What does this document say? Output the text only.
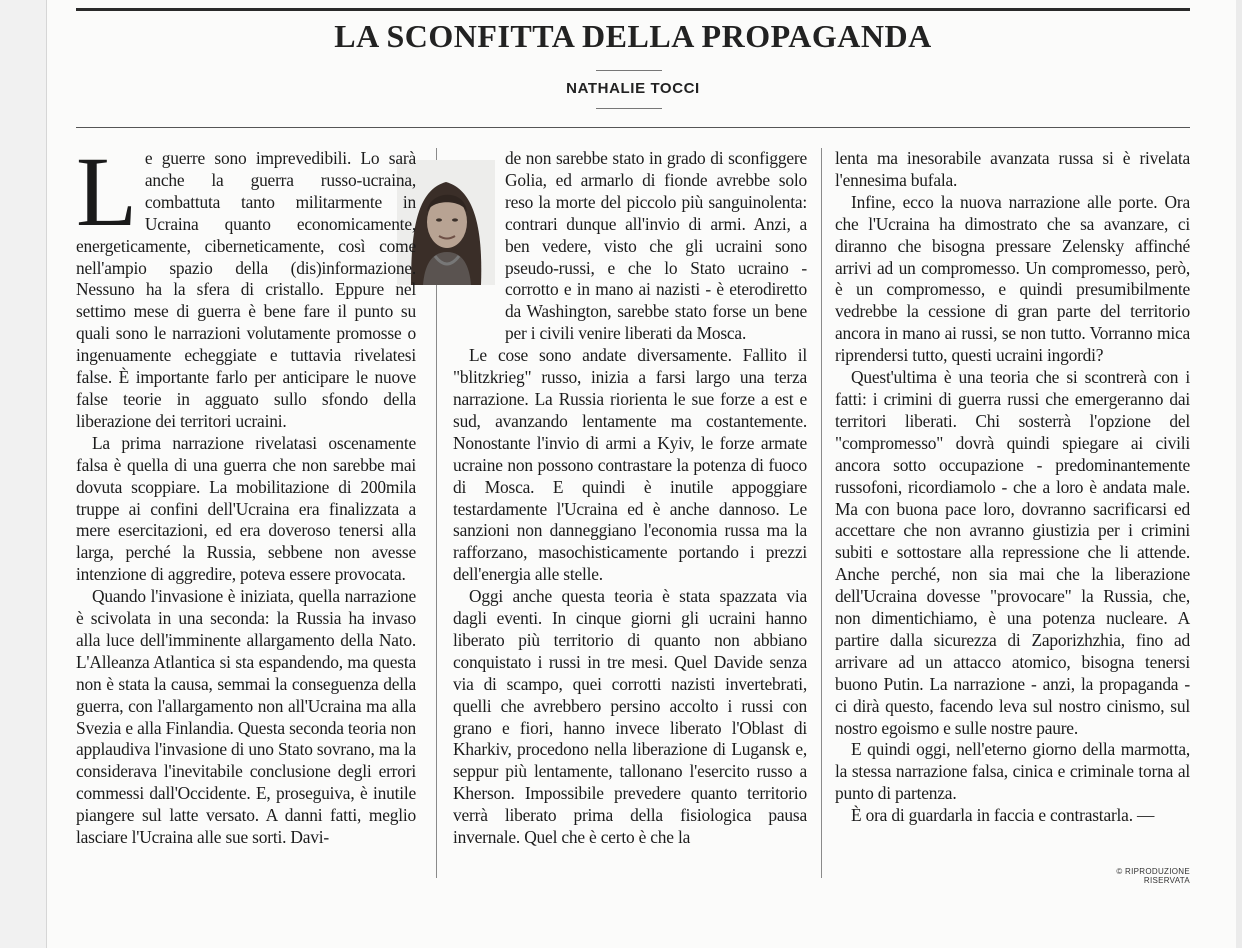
LA SCONFITTA DELLA PROPAGANDA
NATHALIE TOCCI

Le guerre sono imprevedibili. Lo sarà anche la guerra russo-ucraina, combattuta tanto militarmente in Ucraina quanto economicamente, energeticamente, ciberneticamente, così come nell'ampio spazio della (dis)informazione. Nessuno ha la sfera di cristallo. Eppure nel settimo mese di guerra è bene fare il punto su quali sono le narrazioni volutamente promosse o ingenuamente echeggiate e tuttavia rivelatesi false. È importante farlo per anticipare le nuove false teorie in agguato sullo sfondo della liberazione dei territori ucraini.

La prima narrazione rivelatasi oscenamente falsa è quella di una guerra che non sarebbe mai dovuta scoppiare. La mobilitazione di 200mila truppe ai confini dell'Ucraina era finalizzata a mere esercitazioni, ed era doveroso tenersi alla larga, perché la Russia, sebbene non avesse intenzione di aggredire, poteva essere provocata.

Quando l'invasione è iniziata, quella narrazione è scivolata in una seconda: la Russia ha invaso alla luce dell'imminente allargamento della Nato. L'Alleanza Atlantica si sta espandendo, ma questa non è stata la causa, semmai la conseguenza della guerra, con l'allargamento non all'Ucraina ma alla Svezia e alla Finlandia. Questa seconda teoria non applaudiva l'invasione di uno Stato sovrano, ma la considerava l'inevitabile conclusione degli errori commessi dall'Occidente. E, proseguiva, è inutile piangere sul latte versato. A danni fatti, meglio lasciare l'Ucraina alle sue sorti. Davi-

de non sarebbe stato in grado di sconfiggere Golia, ed armarlo di fionde avrebbe solo reso la morte del piccolo più sanguinolenta: contrari dunque all'invio di armi. Anzi, a ben vedere, visto che gli ucraini sono pseudo-russi, e che lo Stato ucraino - corrotto e in mano ai nazisti - è eterodiretto da Washington, sarebbe stato forse un bene per i civili venire liberati da Mosca.

Le cose sono andate diversamente. Fallito il "blitzkrieg" russo, inizia a farsi largo una terza narrazione. La Russia riorienta le sue forze a est e sud, avanzando lentamente ma costantemente. Nonostante l'invio di armi a Kyiv, le forze armate ucraine non possono contrastare la potenza di fuoco di Mosca. E quindi è inutile appoggiare testardamente l'Ucraina ed è anche dannoso. Le sanzioni non danneggiano l'economia russa ma la rafforzano, masochisticamente portando i prezzi dell'energia alle stelle.

Oggi anche questa teoria è stata spazzata via dagli eventi. In cinque giorni gli ucraini hanno liberato più territorio di quanto non abbiano conquistato i russi in tre mesi. Quel Davide senza via di scampo, quei corrotti nazisti invertebrati, quelli che avrebbero persino accolto i russi con grano e fiori, hanno invece liberato l'Oblast di Kharkiv, procedono nella liberazione di Lugansk e, seppur più lentamente, tallonano l'esercito russo a Kherson. Impossibile prevedere quanto territorio verrà liberato prima della fisiologica pausa invernale. Quel che è certo è che la

lenta ma inesorabile avanzata russa si è rivelata l'ennesima bufala.

Infine, ecco la nuova narrazione alle porte. Ora che l'Ucraina ha dimostrato che sa avanzare, ci diranno che bisogna pressare Zelensky affinché arrivi ad un compromesso. Un compromesso, però, è un compromesso, e quindi presumibilmente vedrebbe la cessione di gran parte del territorio ancora in mano ai russi, se non tutto. Vorranno mica riprendersi tutto, questi ucraini ingordi?

Quest'ultima è una teoria che si scontrerà con i fatti: i crimini di guerra russi che emergeranno dai territori liberati. Chi sosterrà l'opzione del "compromesso" dovrà quindi spiegare ai civili ancora sotto occupazione - predominantemente russofoni, ricordiamolo - che a loro è andata male. Ma con buona pace loro, dovranno sacrificarsi ed accettare che non avranno giustizia per i crimini subiti e sottostare alla repressione che li attende. Anche perché, non sia mai che la liberazione dell'Ucraina dovesse "provocare" la Russia, che, non dimentichiamo, è una potenza nucleare. A partire dalla sicurezza di Zaporizhzhia, fino ad arrivare ad un attacco atomico, bisogna tenersi buono Putin. La narrazione - anzi, la propaganda - ci dirà questo, facendo leva sul nostro cinismo, sul nostro egoismo e sulle nostre paure.

E quindi oggi, nell'eterno giorno della marmotta, la stessa narrazione falsa, cinica e criminale torna al punto di partenza.

È ora di guardarla in faccia e contrastarla. —

© RIPRODUZIONE RISERVATA
